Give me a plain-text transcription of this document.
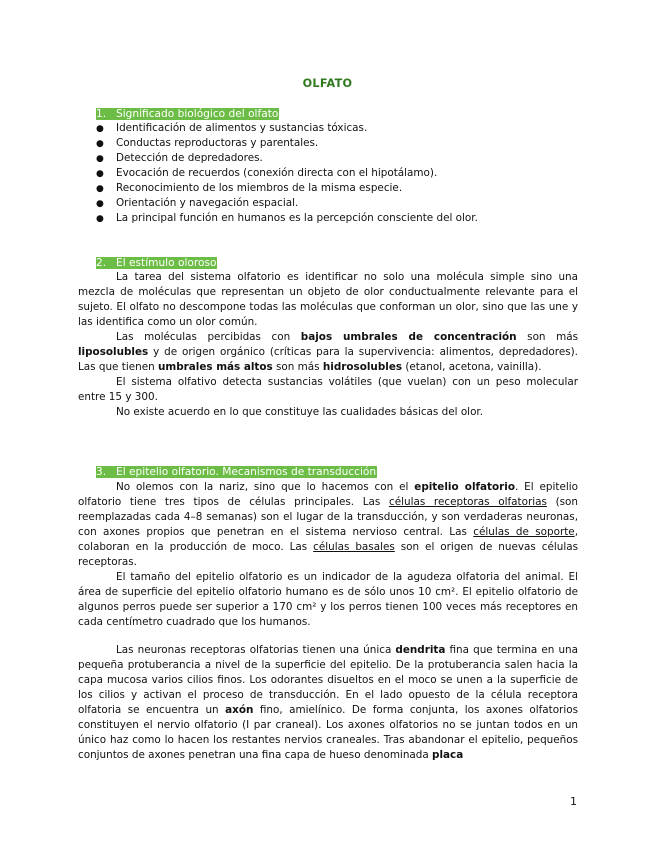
OLFATO
1. Significado biológico del olfato
● Identificación de alimentos y sustancias tóxicas.
● Conductas reproductoras y parentales.
● Detección de depredadores.
● Evocación de recuerdos (conexión directa con el hipotálamo).
● Reconocimiento de los miembros de la misma especie.
● Orientación y navegación espacial.
● La principal función en humanos es la percepción consciente del olor.
2. El estímulo oloroso

La tarea del sistema olfatorio es identificar no solo una molécula simple sino una mezcla de moléculas que representan un objeto de olor conductualmente relevante para el sujeto. El olfato no descompone todas las moléculas que conforman un olor, sino que las une y las identifica como un olor común.

Las moléculas percibidas con bajos umbrales de concentración son más liposolubles y de origen orgánico (críticas para la supervivencia: alimentos, depredadores). Las que tienen umbrales más altos son más hidrosolubles (etanol, acetona, vainilla).

El sistema olfativo detecta sustancias volátiles (que vuelan) con un peso molecular entre 15 y 300.

No existe acuerdo en lo que constituye las cualidades básicas del olor.

3. El epitelio olfatorio. Mecanismos de transducción

No olemos con la nariz, sino que lo hacemos con el epitelio olfatorio. El epitelio olfatorio tiene tres tipos de células principales. Las células receptoras olfatorias (son reemplazadas cada 4–8 semanas) son el lugar de la transducción, y son verdaderas neuronas, con axones propios que penetran en el sistema nervioso central. Las células de soporte, colaboran en la producción de moco. Las células basales son el origen de nuevas células receptoras.

El tamaño del epitelio olfatorio es un indicador de la agudeza olfatoria del animal. El área de superficie del epitelio olfatorio humano es de sólo unos 10 cm². El epitelio olfatorio de algunos perros puede ser superior a 170 cm² y los perros tienen 100 veces más receptores en cada centímetro cuadrado que los humanos.

Las neuronas receptoras olfatorias tienen una única dendrita fina que termina en una pequeña protuberancia a nivel de la superficie del epitelio. De la protuberancia salen hacia la capa mucosa varios cilios finos. Los odorantes disueltos en el moco se unen a la superficie de los cilios y activan el proceso de transducción. En el lado opuesto de la célula receptora olfatoria se encuentra un axón fino, amielínico. De forma conjunta, los axones olfatorios constituyen el nervio olfatorio (I par craneal). Los axones olfatorios no se juntan todos en un único haz como lo hacen los restantes nervios craneales. Tras abandonar el epitelio, pequeños conjuntos de axones penetran una fina capa de hueso denominada placa

1
